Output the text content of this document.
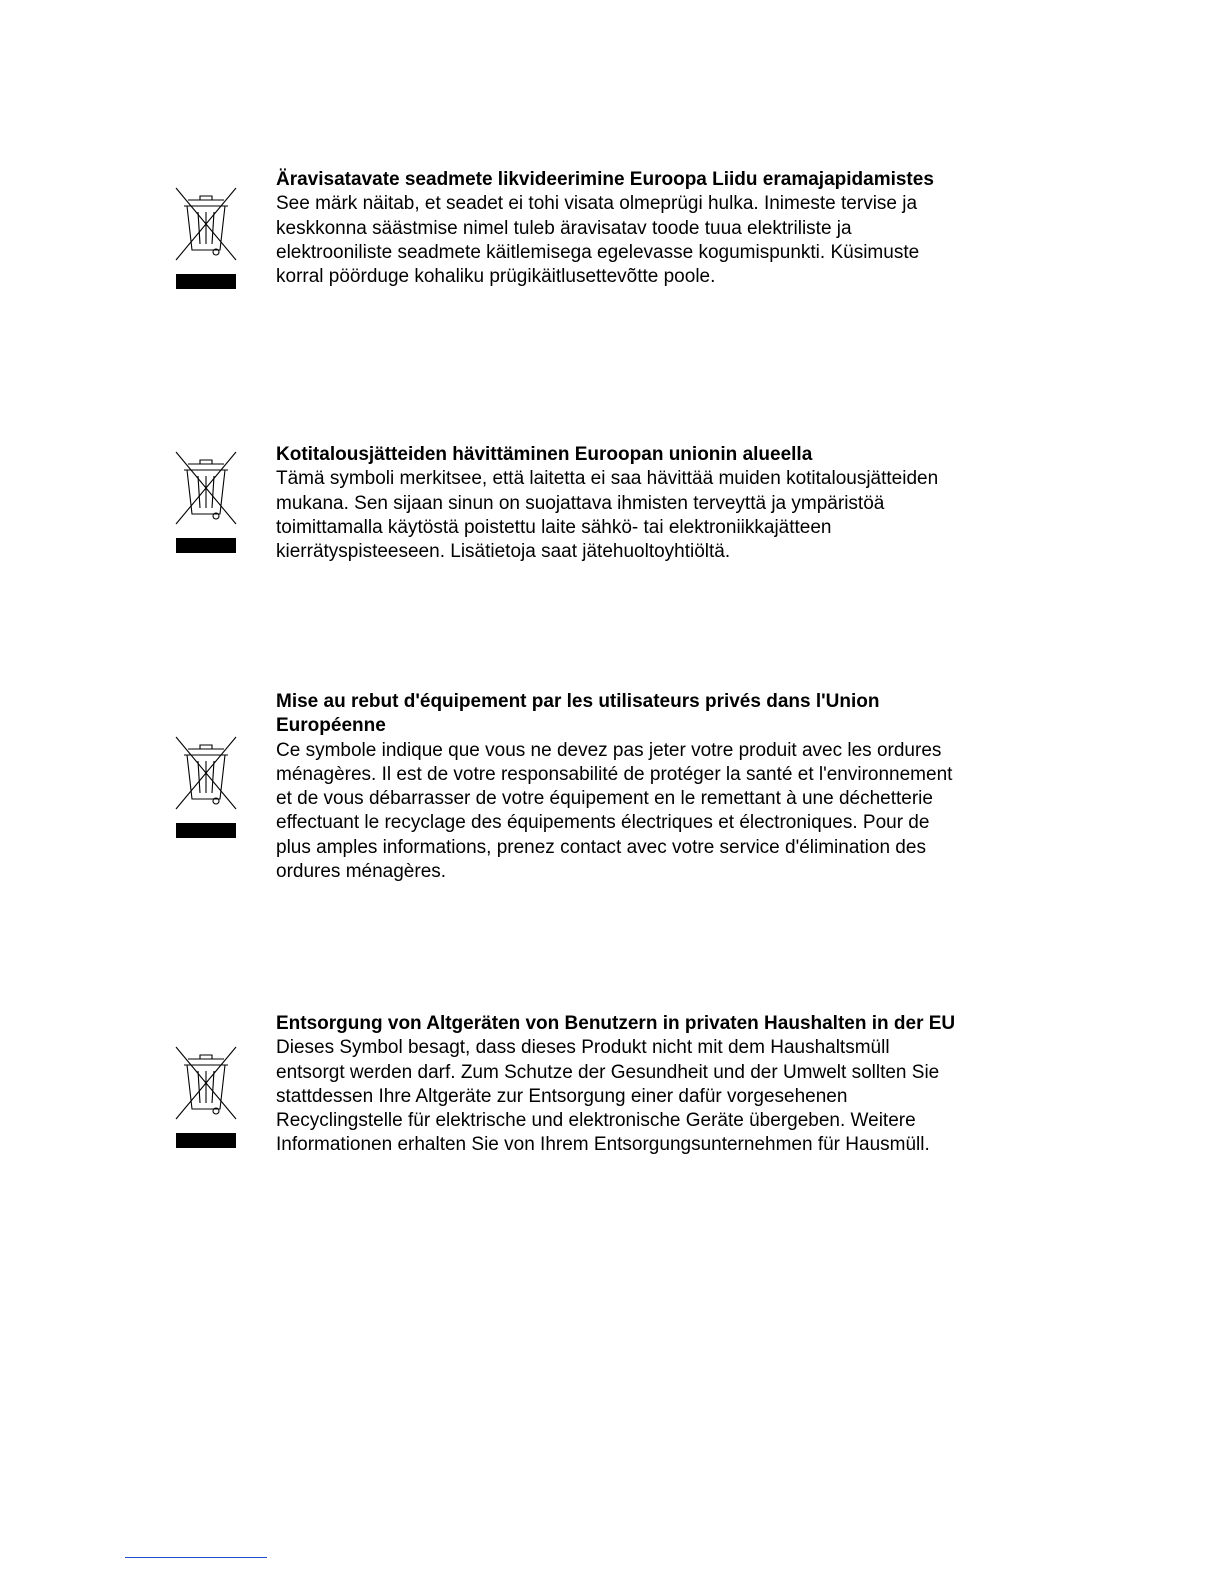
Äravisatavate seadmete likvideerimine Euroopa Liidu eramajapidamistes

See märk näitab, et seadet ei tohi visata olmeprügi hulka. Inimeste tervise ja keskkonna säästmise nimel tuleb äravisatav toode tuua elektriliste ja elektrooniliste seadmete käitlemisega egelevasse kogumispunkti. Küsimuste korral pöörduge kohaliku prügikäitlusettevõtte poole.

Kotitalousjätteiden hävittäminen Euroopan unionin alueella

Tämä symboli merkitsee, että laitetta ei saa hävittää muiden kotitalousjätteiden mukana. Sen sijaan sinun on suojattava ihmisten terveyttä ja ympäristöä toimittamalla käytöstä poistettu laite sähkö- tai elektroniikkajätteen kierrätyspisteeseen. Lisätietoja saat jätehuoltoyhtiöltä.

Mise au rebut d'équipement par les utilisateurs privés dans l'Union Européenne

Ce symbole indique que vous ne devez pas jeter votre produit avec les ordures ménagères. Il est de votre responsabilité de protéger la santé et l'environnement et de vous débarrasser de votre équipement en le remettant à une déchetterie effectuant le recyclage des équipements électriques et électroniques. Pour de plus amples informations, prenez contact avec votre service d'élimination des ordures ménagères.

Entsorgung von Altgeräten von Benutzern in privaten Haushalten in der EU

Dieses Symbol besagt, dass dieses Produkt nicht mit dem Haushaltsmüll entsorgt werden darf. Zum Schutze der Gesundheit und der Umwelt sollten Sie stattdessen Ihre Altgeräte zur Entsorgung einer dafür vorgesehenen Recyclingstelle für elektrische und elektronische Geräte übergeben. Weitere Informationen erhalten Sie von Ihrem Entsorgungsunternehmen für Hausmüll.
